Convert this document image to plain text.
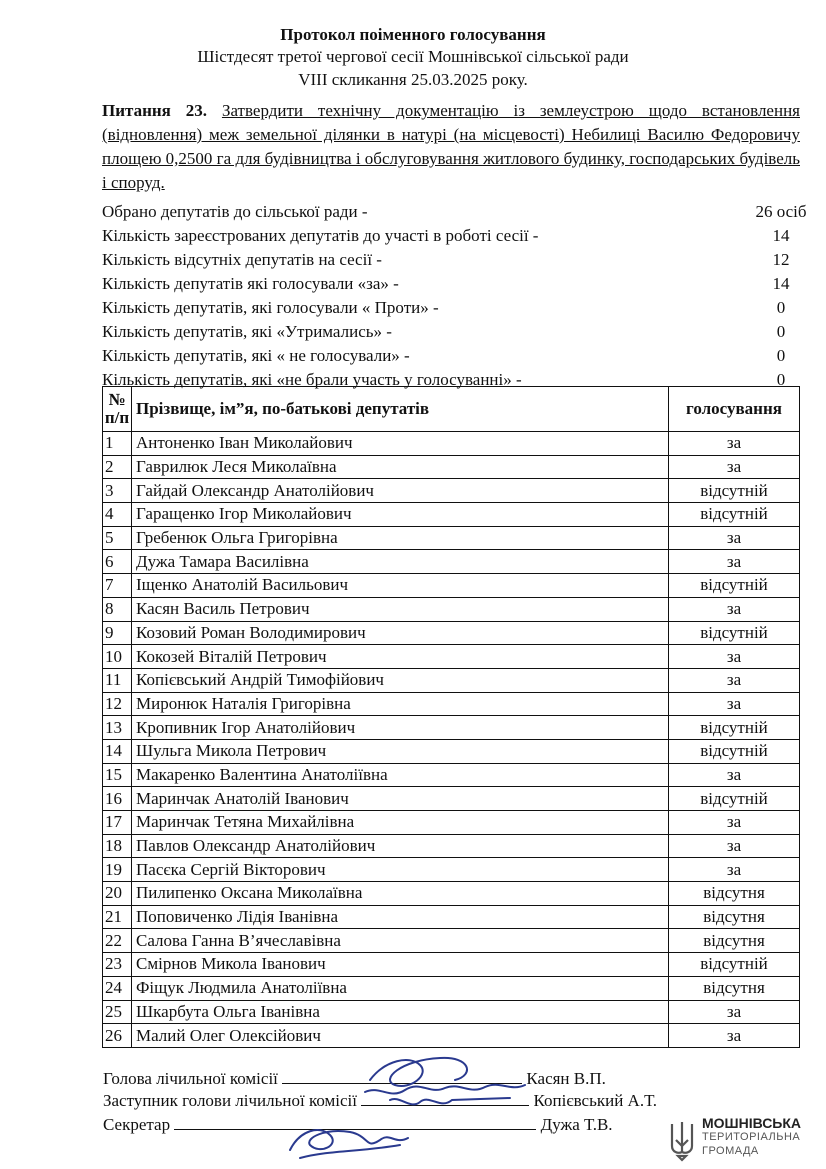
Протокол поіменного голосування
Шістдесят третої чергової сесії Мошнівської сільської ради
VIII скликання 25.03.2025 року.
Питання 23. Затвердити технічну документацію із землеустрою щодо встановлення (відновлення) меж земельної ділянки в натурі (на місцевості) Небилиці Василю Федоровичу площею 0,2500 га для будівництва і обслуговування житлового будинку, господарських будівель і споруд.
Обрано депутатів до сільської ради -	26 осіб
Кількість зареєстрованих депутатів до участі в роботі сесії -	14
Кількість відсутніх депутатів на сесії -	12
Кількість депутатів які голосували «за» -	14
Кількість депутатів, які голосували « Проти» -	0
Кількість депутатів, які «Утримались» -	0
Кількість депутатів, які « не голосували» -	0
Кількість депутатів, які «не брали участь у голосуванні» -	0
№ п/п	Прізвище, ім”я, по-батькові депутатів	голосування
1	Антоненко Іван Миколайович	за
2	Гаврилюк Леся Миколаївна	за
3	Гайдай Олександр Анатолійович	відсутній
4	Гаращенко Ігор Миколайович	відсутній
5	Гребенюк Ольга Григорівна	за
6	Дужа Тамара Василівна	за
7	Іщенко Анатолій Васильович	відсутній
8	Касян Василь Петрович	за
9	Козовий Роман Володимирович	відсутній
10	Кокозей Віталій Петрович	за
11	Копієвський Андрій Тимофійович	за
12	Миронюк Наталія Григорівна	за
13	Кропивник Ігор Анатолійович	відсутній
14	Шульга Микола Петрович	відсутній
15	Макаренко Валентина Анатоліївна	за
16	Маринчак Анатолій Іванович	відсутній
17	Маринчак Тетяна Михайлівна	за
18	Павлов Олександр Анатолійович	за
19	Пасєка Сергій Вікторович	за
20	Пилипенко Оксана Миколаївна	відсутня
21	Поповиченко Лідія Іванівна	відсутня
22	Салова Ганна В’ячеславівна	відсутня
23	Смірнов Микола Іванович	відсутній
24	Фіщук Людмила Анатоліївна	відсутня
25	Шкарбута Ольга Іванівна	за
26	Малий Олег Олексійович	за
Голова лічильної комісії	Касян В.П.
Заступник голови лічильної комісії	Копієвський А.Т.
Секретар	Дужа Т.В.	МОШНІВСЬКА
ТЕРИТОРІАЛЬНА
ГРОМАДА
